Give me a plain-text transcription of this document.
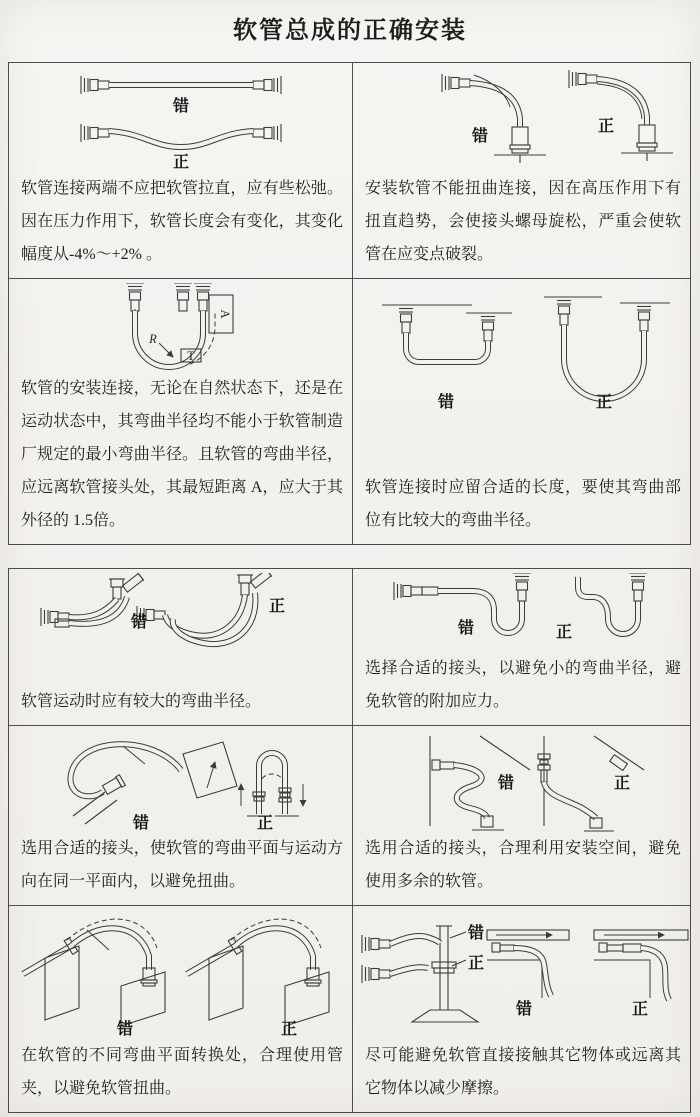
软管总成的正确安装
错
正

软管连接两端不应把软管拉直，应有些松弛。因在压力作用下，软管长度会有变化，其变化幅度从-4%～+2% 。

错
正

安装软管不能扭曲连接，因在高压作用下有扭直趋势，会使接头螺母旋松，严重会使软管在应变点破裂。

A
R
T

软管的安装连接，无论在自然状态下，还是在运动状态中，其弯曲半径均不能小于软管制造厂规定的最小弯曲半径。且软管的弯曲半径，应远离软管接头处，其最短距离 A，应大于其外径的 1.5倍。

错	正

软管连接时应留合适的长度，要使其弯曲部位有比较大的弯曲半径。

错
正

软管运动时应有较大的弯曲半径。

错	正

选择合适的接头，以避免小的弯曲半径，避免软管的附加应力。

错	正

选用合适的接头，使软管的弯曲平面与运动方向在同一平面内，以避免扭曲。

错	正

选用合适的接头，合理利用安装空间，避免使用多余的软管。

错	正

在软管的不同弯曲平面转换处，合理使用管夹，以避免软管扭曲。

错
正
错	正

尽可能避免软管直接接触其它物体或远离其它物体以减少摩擦。
